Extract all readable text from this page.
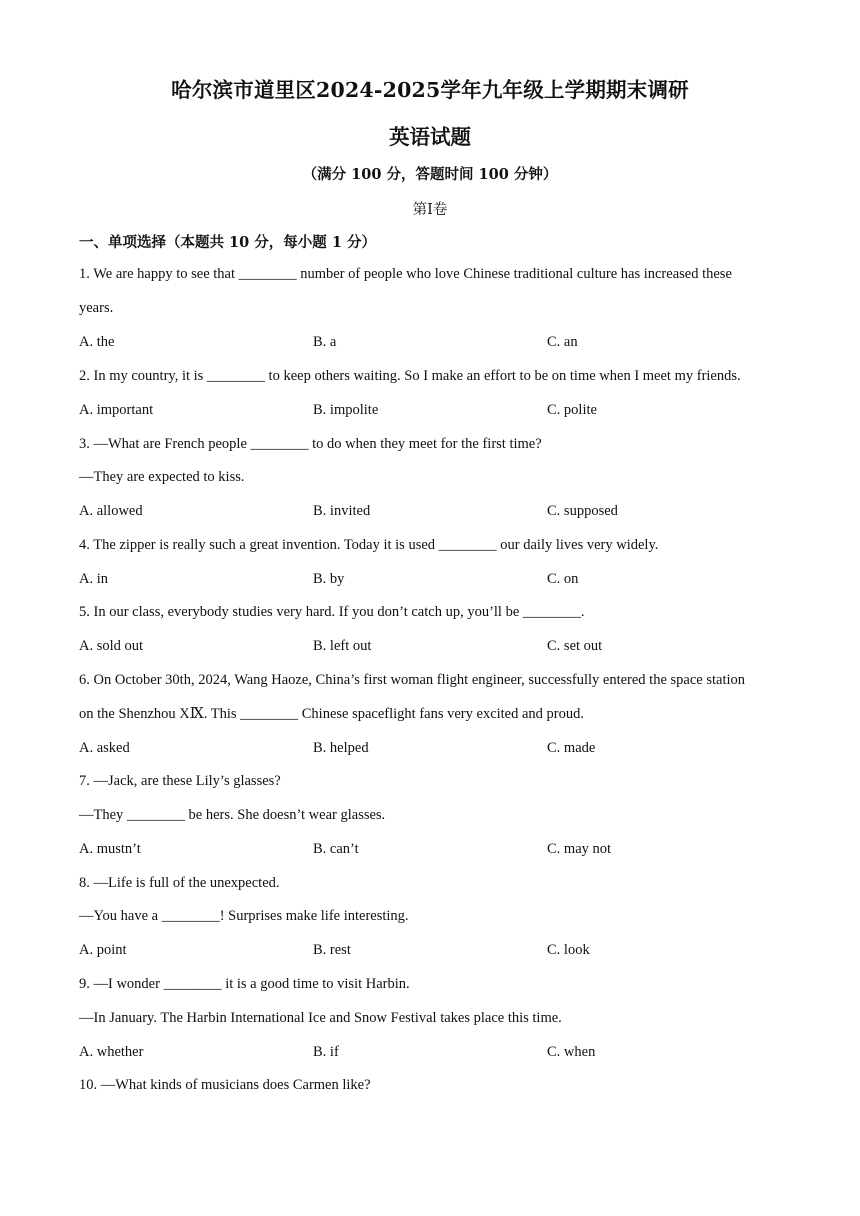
哈尔滨市道里区2024-2025学年九年级上学期期末调研
英语试题
（满分 100 分，答题时间 100 分钟）
第Ⅰ卷
一、单项选择（本题共 10 分，每小题 1 分）
1. We are happy to see that ________ number of people who love Chinese traditional culture has increased these
years.
A. the	B. a	C. an
2. In my country, it is ________ to keep others waiting. So I make an effort to be on time when I meet my friends.
A. important	B. impolite	C. polite
3. —What are French people ________ to do when they meet for the first time?
—They are expected to kiss.
A. allowed	B. invited	C. supposed
4. The zipper is really such a great invention. Today it is used ________ our daily lives very widely.
A. in	B. by	C. on
5. In our class, everybody studies very hard. If you don’t catch up, you’ll be ________.
A. sold out	B. left out	C. set out
6. On October 30th, 2024, Wang Haoze, China’s first woman flight engineer, successfully entered the space station
on the Shenzhou XⅨ. This ________ Chinese spaceflight fans very excited and proud.
A. asked	B. helped	C. made
7. —Jack, are these Lily’s glasses?
—They ________ be hers. She doesn’t wear glasses.
A. mustn’t	B. can’t	C. may not
8. —Life is full of the unexpected.
—You have a ________! Surprises make life interesting.
A. point	B. rest	C. look
9. —I wonder ________ it is a good time to visit Harbin.
—In January. The Harbin International Ice and Snow Festival takes place this time.
A. whether	B. if	C. when
10. —What kinds of musicians does Carmen like?
